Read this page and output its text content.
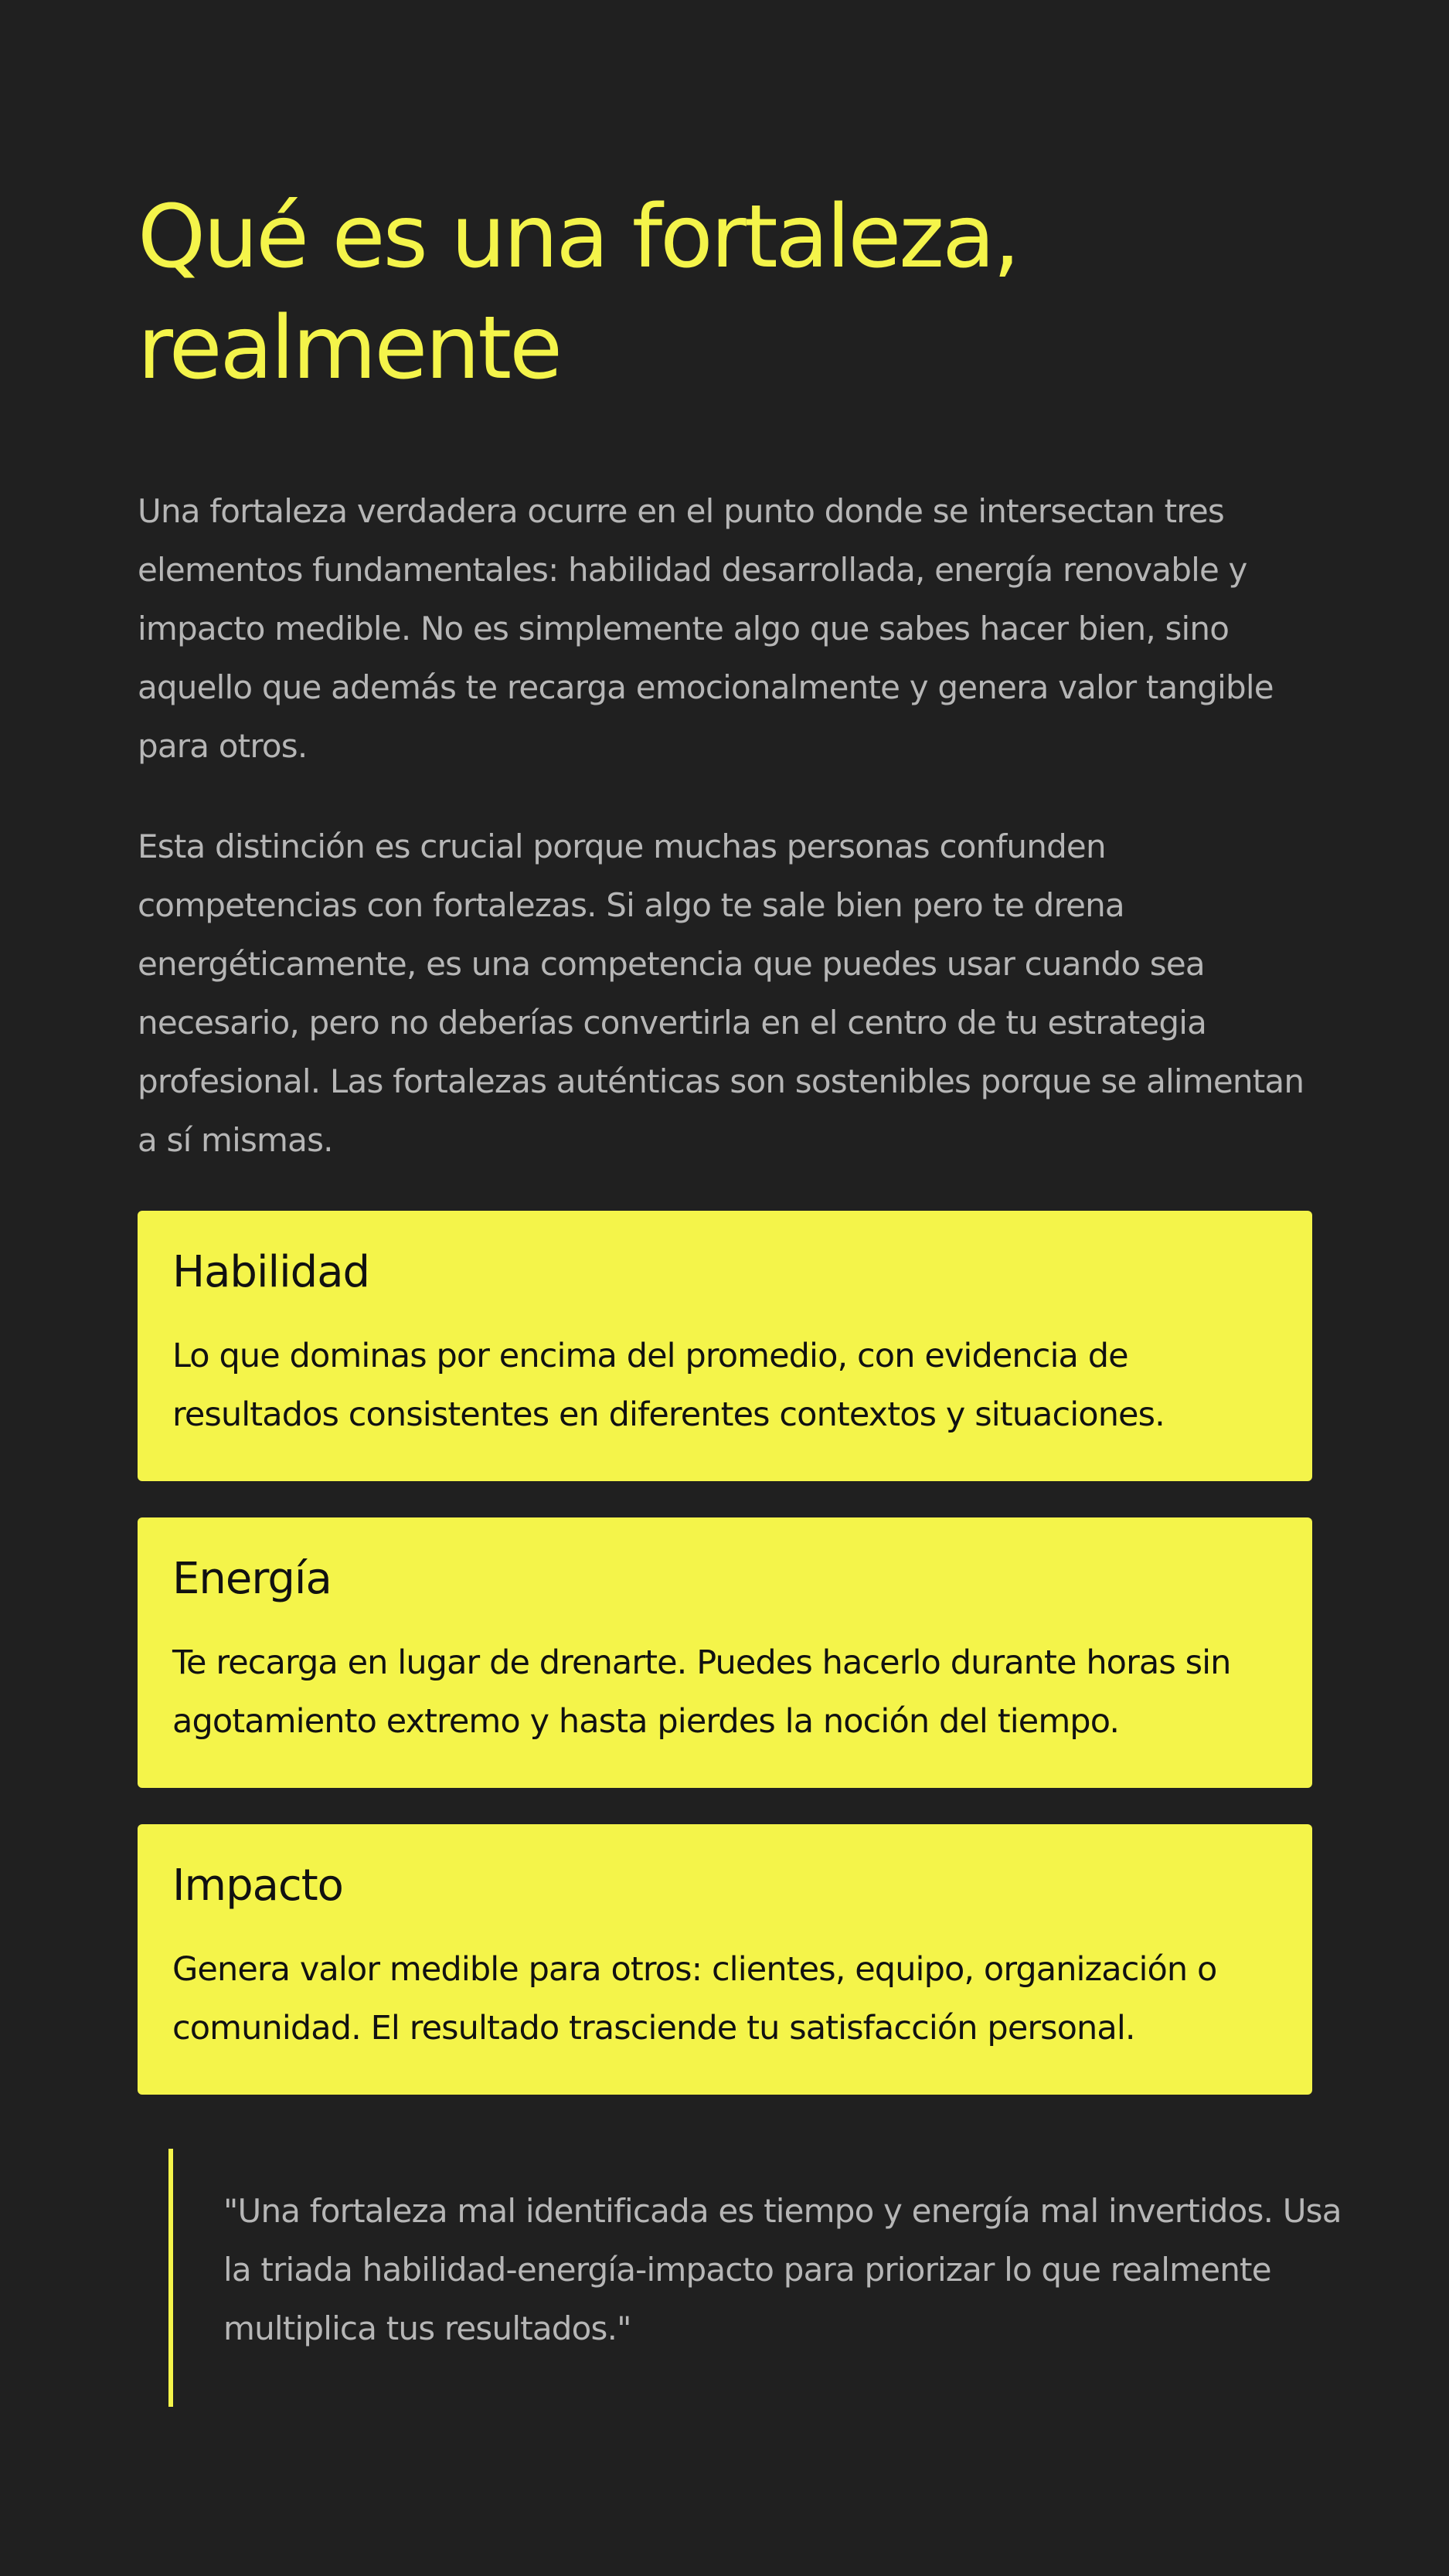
Qué es una fortaleza, realmente

Una fortaleza verdadera ocurre en el punto donde se intersectan tres elementos fundamentales: habilidad desarrollada, energía renovable y impacto medible. No es simplemente algo que sabes hacer bien, sino aquello que además te recarga emocionalmente y genera valor tangible para otros.

Esta distinción es crucial porque muchas personas confunden competencias con fortalezas. Si algo te sale bien pero te drena energéticamente, es una competencia que puedes usar cuando sea necesario, pero no deberías convertirla en el centro de tu estrategia profesional. Las fortalezas auténticas son sostenibles porque se alimentan a sí mismas.

Habilidad

Lo que dominas por encima del promedio, con evidencia de resultados consistentes en diferentes contextos y situaciones.

Energía

Te recarga en lugar de drenarte. Puedes hacerlo durante horas sin agotamiento extremo y hasta pierdes la noción del tiempo.

Impacto

Genera valor medible para otros: clientes, equipo, organización o comunidad. El resultado trasciende tu satisfacción personal.

"Una fortaleza mal identificada es tiempo y energía mal invertidos. Usa la triada habilidad-energía-impacto para priorizar lo que realmente multiplica tus resultados."
